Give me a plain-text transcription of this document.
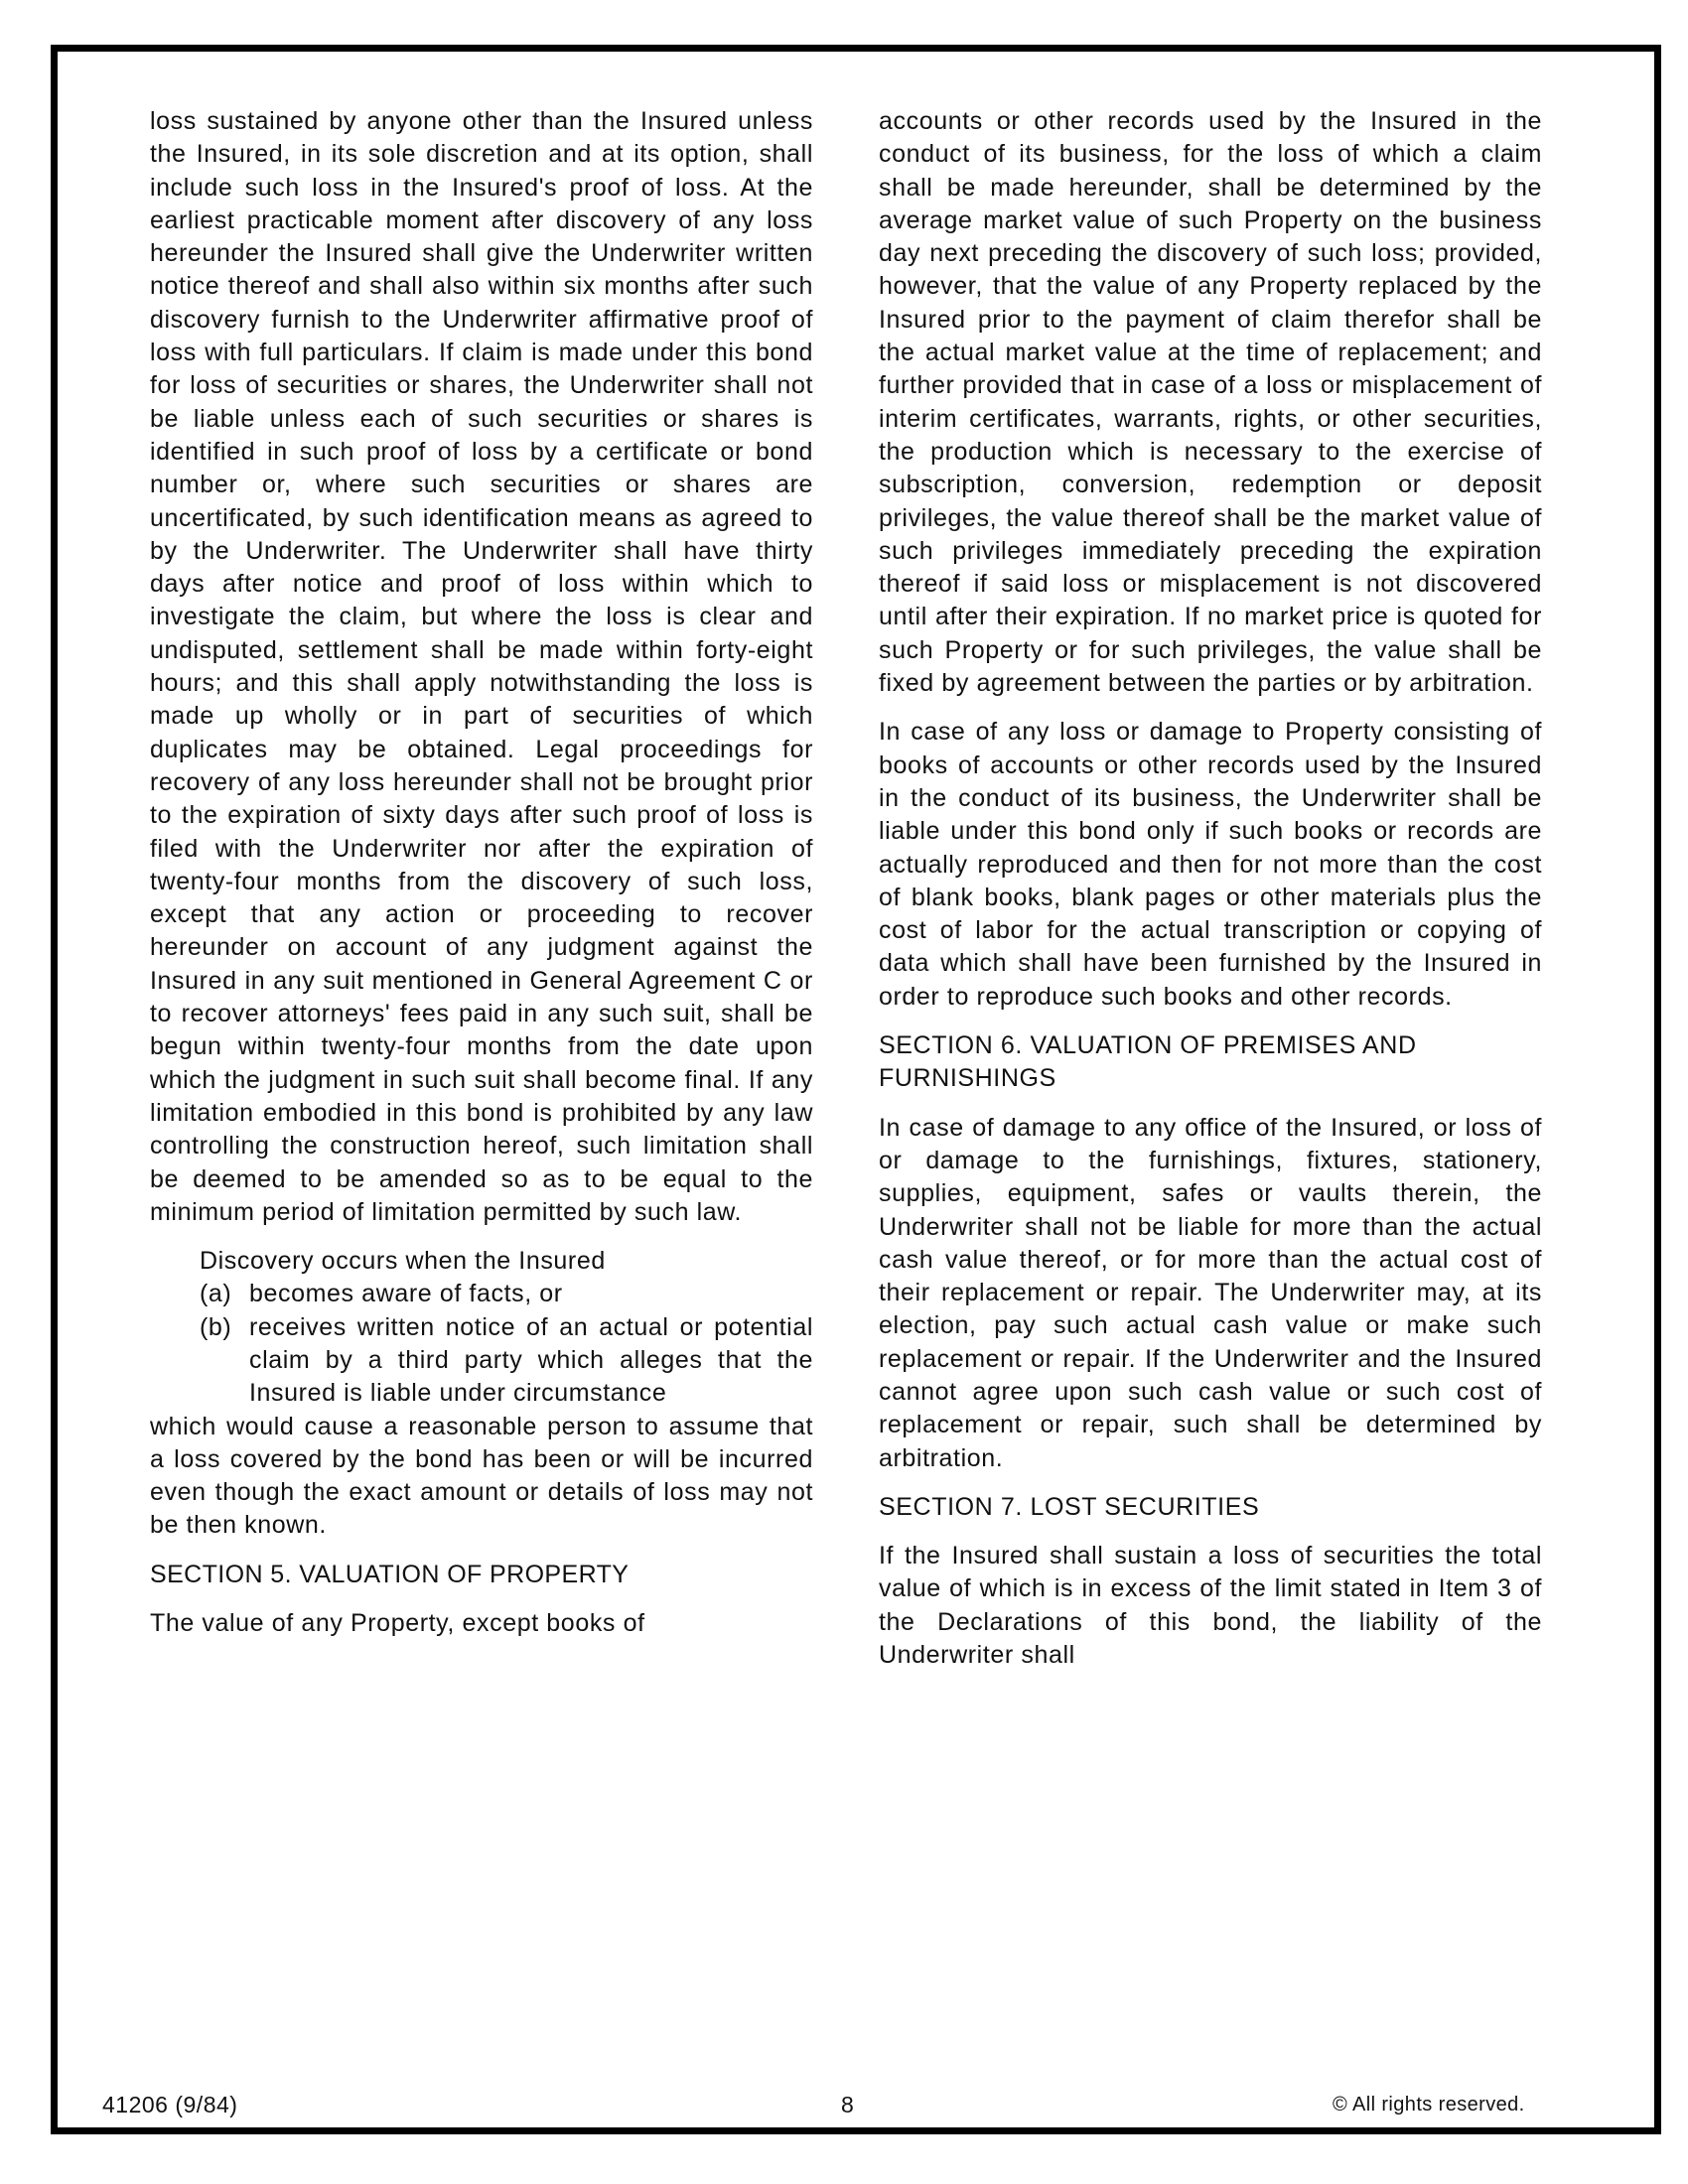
loss sustained by anyone other than the Insured unless the Insured, in its sole discretion and at its option, shall include such loss in the Insured's proof of loss. At the earliest practicable moment after discovery of any loss hereunder the Insured shall give the Underwriter written notice thereof and shall also within six months after such discovery furnish to the Underwriter affirmative proof of loss with full particulars. If claim is made under this bond for loss of securities or shares, the Underwriter shall not be liable unless each of such securities or shares is identified in such proof of loss by a certificate or bond number or, where such securities or shares are uncertificated, by such identification means as agreed to by the Underwriter. The Underwriter shall have thirty days after notice and proof of loss within which to investigate the claim, but where the loss is clear and undisputed, settlement shall be made within forty-eight hours; and this shall apply notwithstanding the loss is made up wholly or in part of securities of which duplicates may be obtained. Legal proceedings for recovery of any loss hereunder shall not be brought prior to the expiration of sixty days after such proof of loss is filed with the Underwriter nor after the expiration of twenty-four months from the discovery of such loss, except that any action or proceeding to recover hereunder on account of any judgment against the Insured in any suit mentioned in General Agreement C or to recover attorneys' fees paid in any such suit, shall be begun within twenty-four months from the date upon which the judgment in such suit shall become final. If any limitation embodied in this bond is prohibited by any law controlling the construction hereof, such limitation shall be deemed to be amended so as to be equal to the minimum period of limitation permitted by such law.

Discovery occurs when the Insured
(a) becomes aware of facts, or
(b) receives written notice of an actual or potential claim by a third party which alleges that the Insured is liable under circumstance

which would cause a reasonable person to assume that a loss covered by the bond has been or will be incurred even though the exact amount or details of loss may not be then known.

SECTION 5. VALUATION OF PROPERTY

The value of any Property, except books of

accounts or other records used by the Insured in the conduct of its business, for the loss of which a claim shall be made hereunder, shall be determined by the average market value of such Property on the business day next preceding the discovery of such loss; provided, however, that the value of any Property replaced by the Insured prior to the payment of claim therefor shall be the actual market value at the time of replacement; and further provided that in case of a loss or misplacement of interim certificates, warrants, rights, or other securities, the production which is necessary to the exercise of subscription, conversion, redemption or deposit privileges, the value thereof shall be the market value of such privileges immediately preceding the expiration thereof if said loss or misplacement is not discovered until after their expiration. If no market price is quoted for such Property or for such privileges, the value shall be fixed by agreement between the parties or by arbitration.

In case of any loss or damage to Property consisting of books of accounts or other records used by the Insured in the conduct of its business, the Underwriter shall be liable under this bond only if such books or records are actually reproduced and then for not more than the cost of blank books, blank pages or other materials plus the cost of labor for the actual transcription or copying of data which shall have been furnished by the Insured in order to reproduce such books and other records.

SECTION 6. VALUATION OF PREMISES AND FURNISHINGS

In case of damage to any office of the Insured, or loss of or damage to the furnishings, fixtures, stationery, supplies, equipment, safes or vaults therein, the Underwriter shall not be liable for more than the actual cash value thereof, or for more than the actual cost of their replacement or repair. The Underwriter may, at its election, pay such actual cash value or make such replacement or repair. If the Underwriter and the Insured cannot agree upon such cash value or such cost of replacement or repair, such shall be determined by arbitration.

SECTION 7. LOST SECURITIES

If the Insured shall sustain a loss of securities the total value of which is in excess of the limit stated in Item 3 of the Declarations of this bond, the liability of the Underwriter shall

41206 (9/84)	8	© All rights reserved.
